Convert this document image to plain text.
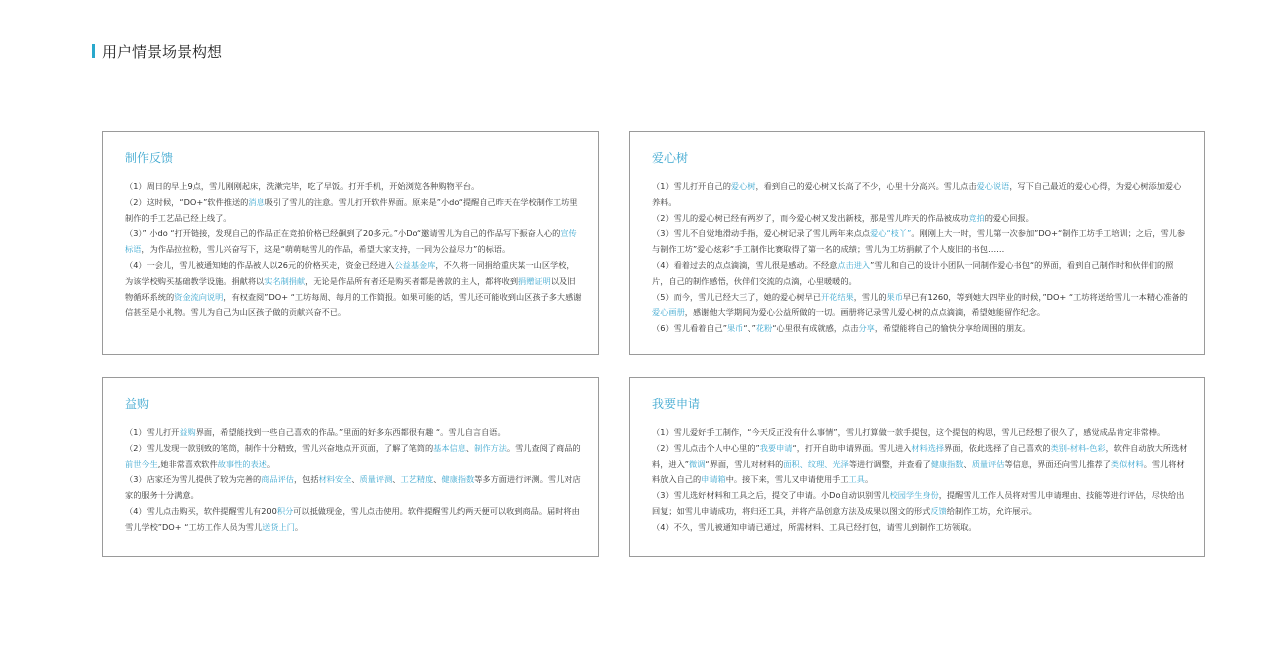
用户情景场景构想
制作反馈

（1）周日的早上9点，雪儿刚刚起床，洗漱完毕，吃了早饭。打开手机，开始浏览各种购物平台。

（2）这时候，“DO+”软件推送的消息吸引了雪儿的注意。雪儿打开软件界面。原来是”小do“提醒自己昨天在学校制作工坊里制作的手工艺品已经上线了。

（3）” 小do “打开链接，发现自己的作品正在竞拍价格已经飙到了20多元。”小Do“邀请雪儿为自己的作品写下振奋人心的宣传标语，为作品拉拉粉，雪儿兴奋写下，这是“萌萌哒雪儿的作品，希望大家支持，一同为公益尽力”的标语。

（4）一会儿，雪儿被通知她的作品被人以26元的价格买走，资金已经进入公益基金库，不久将一同捐给重庆某一山区学校，为该学校购买基础教学设施。捐献将以实名制捐献，无论是作品所有者还是购买者都是善款的主人，都将收到捐赠证明以及旧物循环系统的资金流向说明，有权查阅”DO+ “工坊每周、每月的工作简报。如果可能的话，雪儿还可能收到山区孩子多大感谢信甚至是小礼物。雪儿为自己为山区孩子做的贡献兴奋不已。

爱心树

（1）雪儿打开自己的爱心树，看到自己的爱心树又长高了不少，心里十分高兴。雪儿点击爱心说语，写下自己最近的爱心心得，为爱心树添加爱心养料。

（2）雪儿的爱心树已经有两岁了，而今爱心树又发出新枝，那是雪儿昨天的作品被成功竞拍的爱心回报。

（3）雪儿不自觉地滑动手指，爱心树记录了雪儿两年来点点爱心“枝丫”。刚刚上大一时，雪儿第一次参加”DO+“制作工坊手工培训；之后，雪儿参与制作工坊”爱心炫彩“手工制作比赛取得了第一名的成绩；雪儿为工坊捐献了个人废旧的书包……

（4）看着过去的点点滴滴，雪儿很是感动。不经意点击进入”雪儿和自己的设计小团队一同制作爱心书包“的界面，看到自己制作时和伙伴们的照片，自己的制作感悟，伙伴们交流的点滴，心里暖暖的。

（5）而今，雪儿已经大三了，她的爱心树早已开花结果，雪儿的果币早已有1260，等到她大四毕业的时候，”DO+ “工坊将送给雪儿一本精心准备的爱心画册，感谢他大学期间为爱心公益所做的一切。画册将记录雪儿爱心树的点点滴滴，希望她能留作纪念。

（6）雪儿看着自己”果币“、”花粉“心里很有成就感，点击分享，希望能将自己的愉快分享给周围的朋友。

益购

（1）雪儿打开益购界面，希望能找到一些自己喜欢的作品。”里面的好多东西都很有趣 “。雪儿自言自语。

（2）雪儿发现一款别致的笔筒，制作十分精致，雪儿兴奋地点开页面，了解了笔筒的基本信息、制作方法。雪儿查阅了商品的前世今生,她非常喜欢软件故事性的表述。

（3）店家还为雪儿提供了较为完善的商品评估，包括材料安全、质量评测、工艺精度、健康指数等多方面进行评测。雪儿对店家的服务十分满意。

（4）雪儿点击购买，软件提醒雪儿有200积分可以抵做现金，雪儿点击使用。软件提醒雪儿约两天便可以收到商品。届时将由雪儿学校”DO+ “工坊工作人员为雪儿送货上门。

我要申请

（1）雪儿爱好手工制作，“今天反正没有什么事情”，雪儿打算做一款手提包，这个提包的构思，雪儿已经想了很久了，感觉成品肯定非常棒。

（2）雪儿点击个人中心里的”我要申请“，打开自助申请界面。雪儿进入材料选择界面，依此选择了自己喜欢的类别-材料-色彩，软件自动放大所选材料，进入”微调“界面，雪儿对材料的面积、纹理、光泽等进行调整，并查看了健康指数、质量评估等信息，界面还向雪儿推荐了类似材料。雪儿将材料放入自己的申请箱中。接下来，雪儿又申请使用手工工具。

（3）雪儿选好材料和工具之后，提交了申请。小Do自动识别雪儿校园学生身份，提醒雪儿工作人员将对雪儿申请理由、技能等进行评估，尽快给出回复；如雪儿申请成功，将归还工具，并将产品创意方法及成果以图文的形式反馈给制作工坊，允许展示。

（4）不久，雪儿被通知申请已通过，所需材料、工具已经打包，请雪儿到制作工坊领取。
